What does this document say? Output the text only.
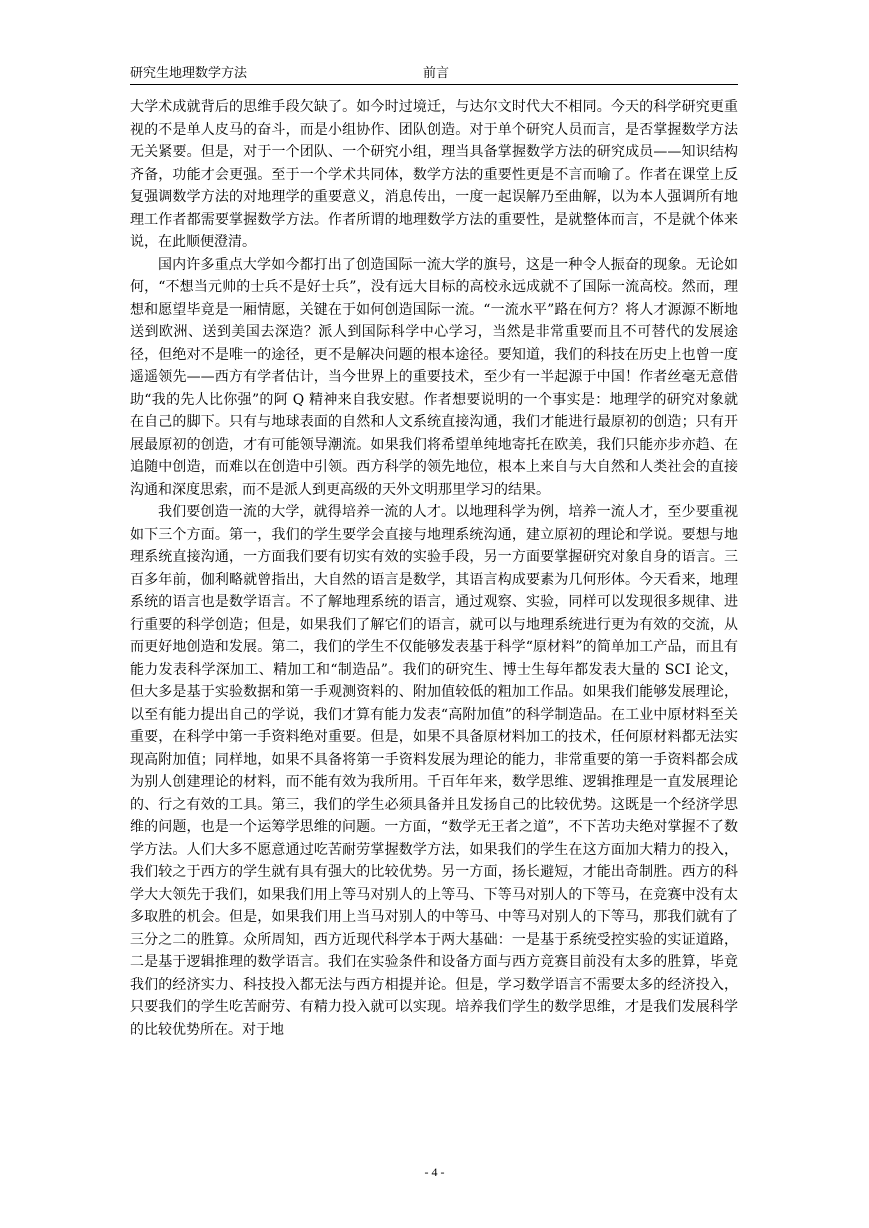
研究生地理数学方法	前言

大学术成就背后的思维手段欠缺了。如今时过境迁，与达尔文时代大不相同。今天的科学研究更重视的不是单人皮马的奋斗，而是小组协作、团队创造。对于单个研究人员而言，是否掌握数学方法无关紧要。但是，对于一个团队、一个研究小组，理当具备掌握数学方法的研究成员——知识结构齐备，功能才会更强。至于一个学术共同体，数学方法的重要性更是不言而喻了。作者在课堂上反复强调数学方法的对地理学的重要意义，消息传出，一度一起误解乃至曲解，以为本人强调所有地理工作者都需要掌握数学方法。作者所谓的地理数学方法的重要性，是就整体而言，不是就个体来说，在此顺便澄清。

国内许多重点大学如今都打出了创造国际一流大学的旗号，这是一种令人振奋的现象。无论如何，“不想当元帅的士兵不是好士兵”，没有远大目标的高校永远成就不了国际一流高校。然而，理想和愿望毕竟是一厢情愿，关键在于如何创造国际一流。“一流水平”路在何方？将人才源源不断地送到欧洲、送到美国去深造？派人到国际科学中心学习，当然是非常重要而且不可替代的发展途径，但绝对不是唯一的途径，更不是解决问题的根本途径。要知道，我们的科技在历史上也曾一度遥遥领先——西方有学者估计，当今世界上的重要技术，至少有一半起源于中国！作者丝毫无意借助“我的先人比你强”的阿 Q 精神来自我安慰。作者想要说明的一个事实是：地理学的研究对象就在自己的脚下。只有与地球表面的自然和人文系统直接沟通，我们才能进行最原初的创造；只有开展最原初的创造，才有可能领导潮流。如果我们将希望单纯地寄托在欧美，我们只能亦步亦趋、在追随中创造，而难以在创造中引领。西方科学的领先地位，根本上来自与大自然和人类社会的直接沟通和深度思索，而不是派人到更高级的天外文明那里学习的结果。

我们要创造一流的大学，就得培养一流的人才。以地理科学为例，培养一流人才，至少要重视如下三个方面。第一，我们的学生要学会直接与地理系统沟通，建立原初的理论和学说。要想与地理系统直接沟通，一方面我们要有切实有效的实验手段，另一方面要掌握研究对象自身的语言。三百多年前，伽利略就曾指出，大自然的语言是数学，其语言构成要素为几何形体。今天看来，地理系统的语言也是数学语言。不了解地理系统的语言，通过观察、实验，同样可以发现很多规律、进行重要的科学创造；但是，如果我们了解它们的语言，就可以与地理系统进行更为有效的交流，从而更好地创造和发展。第二，我们的学生不仅能够发表基于科学“原材料”的简单加工产品，而且有能力发表科学深加工、精加工和“制造品”。我们的研究生、博士生每年都发表大量的 SCI 论文，但大多是基于实验数据和第一手观测资料的、附加值较低的粗加工作品。如果我们能够发展理论，以至有能力提出自己的学说，我们才算有能力发表“高附加值”的科学制造品。在工业中原材料至关重要，在科学中第一手资料绝对重要。但是，如果不具备原材料加工的技术，任何原材料都无法实现高附加值；同样地，如果不具备将第一手资料发展为理论的能力，非常重要的第一手资料都会成为别人创建理论的材料，而不能有效为我所用。千百年年来，数学思维、逻辑推理是一直发展理论的、行之有效的工具。第三，我们的学生必须具备并且发扬自己的比较优势。这既是一个经济学思维的问题，也是一个运筹学思维的问题。一方面，“数学无王者之道”，不下苦功夫绝对掌握不了数学方法。人们大多不愿意通过吃苦耐劳掌握数学方法，如果我们的学生在这方面加大精力的投入，我们较之于西方的学生就有具有强大的比较优势。另一方面，扬长避短，才能出奇制胜。西方的科学大大领先于我们，如果我们用上等马对别人的上等马、下等马对别人的下等马，在竞赛中没有太多取胜的机会。但是，如果我们用上当马对别人的中等马、中等马对别人的下等马，那我们就有了三分之二的胜算。众所周知，西方近现代科学本于两大基础：一是基于系统受控实验的实证道路，二是基于逻辑推理的数学语言。我们在实验条件和设备方面与西方竞赛目前没有太多的胜算，毕竟我们的经济实力、科技投入都无法与西方相提并论。但是，学习数学语言不需要太多的经济投入，只要我们的学生吃苦耐劳、有精力投入就可以实现。培养我们学生的数学思维，才是我们发展科学的比较优势所在。对于地

- 4 -
